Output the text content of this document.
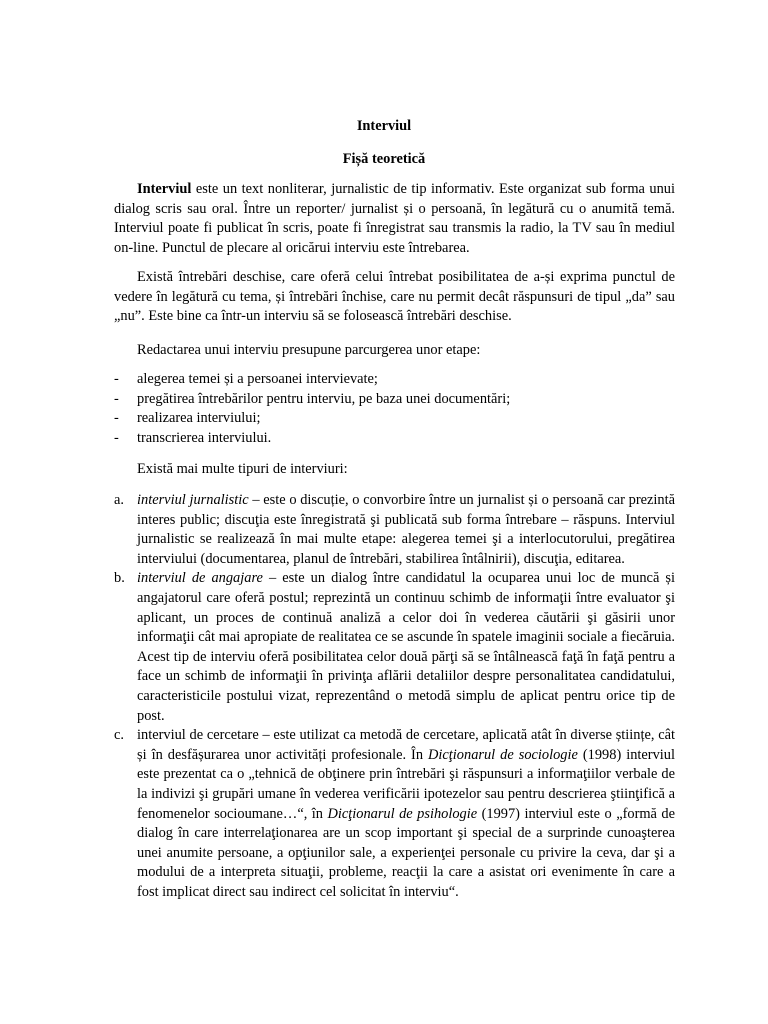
Interviul
Fișă teoretică
Interviul este un text nonliterar, jurnalistic de tip informativ. Este organizat sub forma unui dialog scris sau oral. Între un reporter/ jurnalist și o persoană, în legătură cu o anumită temă. Interviul poate fi publicat în scris, poate fi înregistrat sau transmis la radio, la TV sau în mediul on-line. Punctul de plecare al oricărui interviu este întrebarea.
Există întrebări deschise, care oferă celui întrebat posibilitatea de a-și exprima punctul de vedere în legătură cu tema, și întrebări închise, care nu permit decât răspunsuri de tipul „da” sau „nu”. Este bine ca într-un interviu să se folosească întrebări deschise.
Redactarea unui interviu presupune parcurgerea unor etape:
- alegerea temei și a persoanei intervievate;
- pregătirea întrebărilor pentru interviu, pe baza unei documentări;
- realizarea interviului;
- transcrierea interviului.
Există mai multe tipuri de interviuri:
a. interviul jurnalistic – este o discuție, o convorbire între un jurnalist și o persoană car prezintă interes public; discuţia este înregistrată şi publicată sub forma întrebare – răspuns. Interviul jurnalistic se realizează în mai multe etape: alegerea temei şi a interlocutorului, pregătirea interviului (documentarea, planul de întrebări, stabilirea întâlnirii), discuţia, editarea.
b. interviul de angajare – este un dialog între candidatul la ocuparea unui loc de muncă și angajatorul care oferă postul; reprezintă un continuu schimb de informaţii între evaluator şi aplicant, un proces de continuă analiză a celor doi în vederea căutării şi găsirii unor informaţii cât mai apropiate de realitatea ce se ascunde în spatele imaginii sociale a fiecăruia. Acest tip de interviu oferă posibilitatea celor două părţi să se întâlnească faţă în faţă pentru a face un schimb de informaţii în privinţa aflării detaliilor despre personalitatea candidatului, caracteristicile postului vizat, reprezentând o metodă simplu de aplicat pentru orice tip de post.
c. interviul de cercetare – este utilizat ca metodă de cercetare, aplicată atât în diverse științe, cât și în desfășurarea unor activități profesionale. În Dicţionarul de sociologie (1998) interviul este prezentat ca o „tehnică de obţinere prin întrebări şi răspunsuri a informaţiilor verbale de la indivizi şi grupări umane în vederea verificării ipotezelor sau pentru descrierea ştiinţifică a fenomenelor socioumane…“, în Dicţionarul de psihologie (1997) interviul este o „formă de dialog în care interrelaţionarea are un scop important şi special de a surprinde cunoaşterea unei anumite persoane, a opţiunilor sale, a experienţei personale cu privire la ceva, dar şi a modului de a interpreta situaţii, probleme, reacţii la care a asistat ori evenimente în care a fost implicat direct sau indirect cel solicitat în interviu“.
